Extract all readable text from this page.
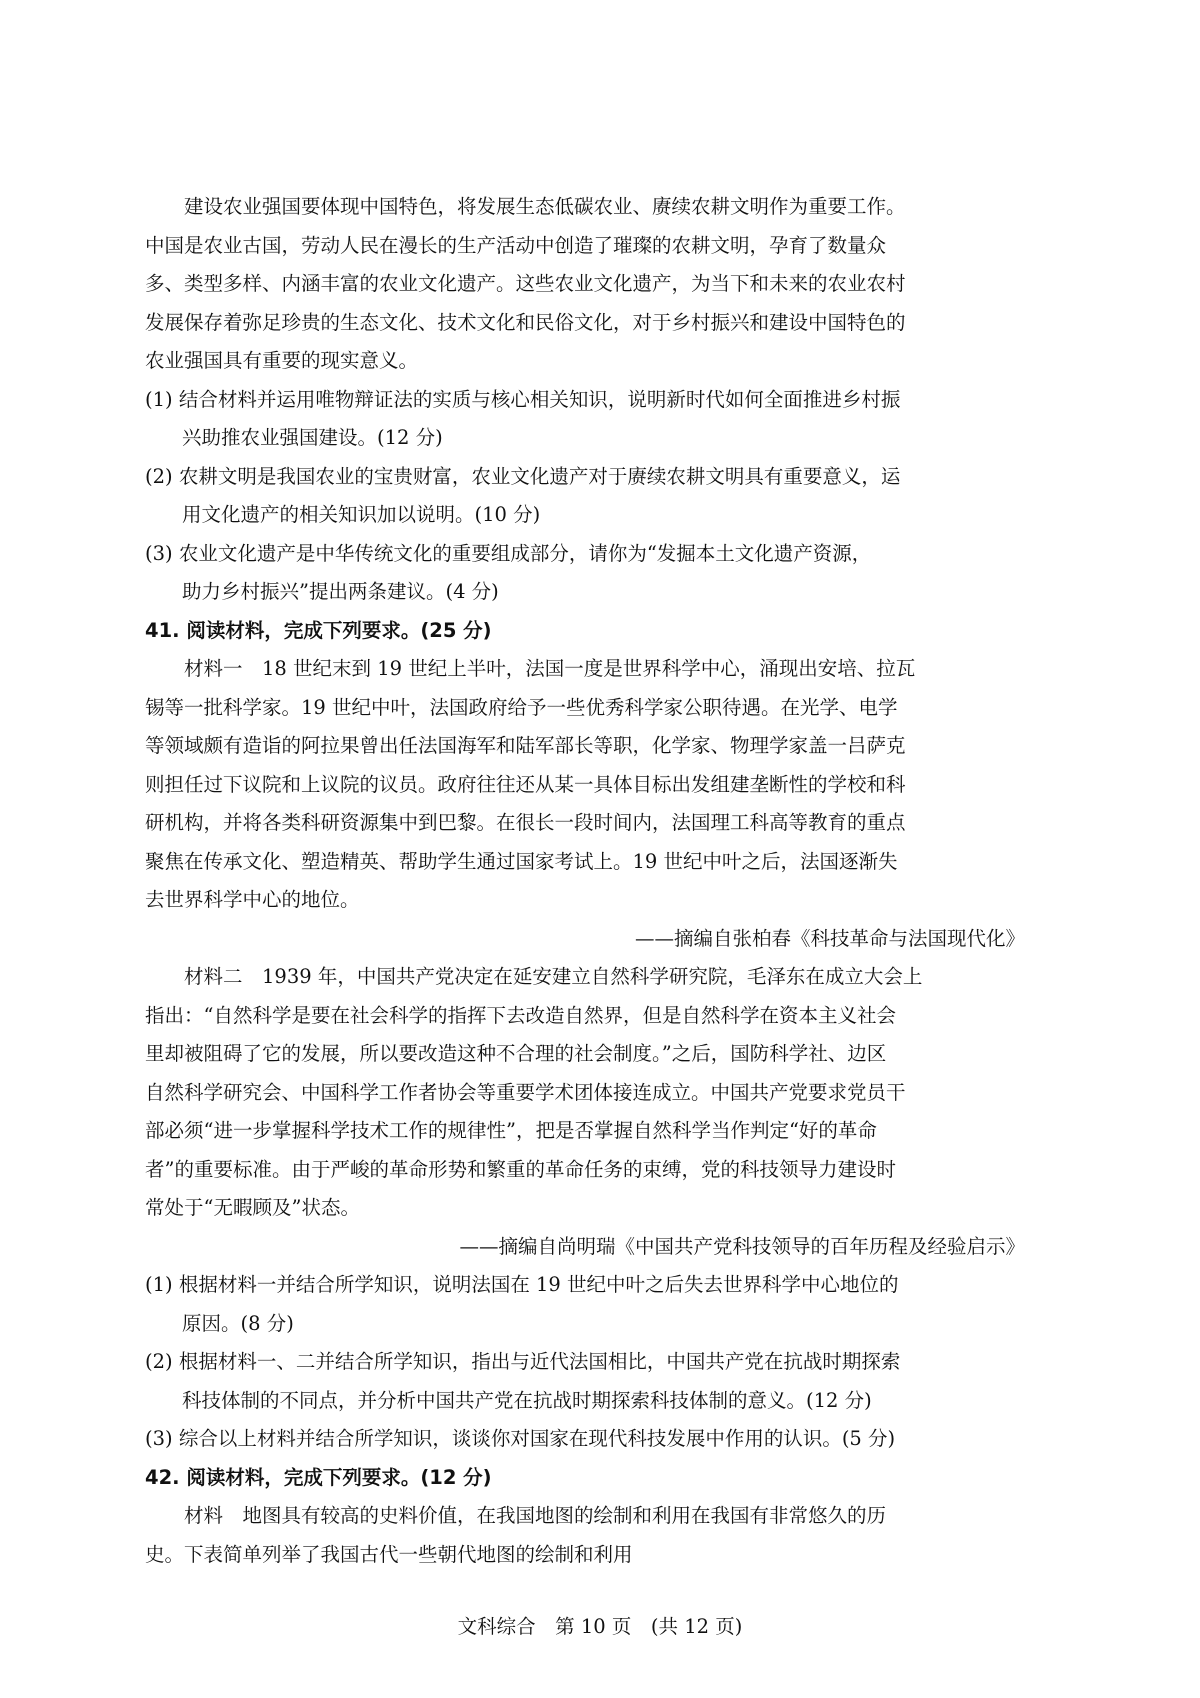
建设农业强国要体现中国特色，将发展生态低碳农业、赓续农耕文明作为重要工作。
中国是农业古国，劳动人民在漫长的生产活动中创造了璀璨的农耕文明，孕育了数量众
多、类型多样、内涵丰富的农业文化遗产。这些农业文化遗产，为当下和未来的农业农村
发展保存着弥足珍贵的生态文化、技术文化和民俗文化，对于乡村振兴和建设中国特色的
农业强国具有重要的现实意义。
(1) 结合材料并运用唯物辩证法的实质与核心相关知识，说明新时代如何全面推进乡村振
兴助推农业强国建设。(12 分)
(2) 农耕文明是我国农业的宝贵财富，农业文化遗产对于赓续农耕文明具有重要意义，运
用文化遗产的相关知识加以说明。(10 分)
(3) 农业文化遗产是中华传统文化的重要组成部分，请你为“发掘本土文化遗产资源，
助力乡村振兴”提出两条建议。(4 分)
41. 阅读材料，完成下列要求。(25 分)
材料一　18 世纪末到 19 世纪上半叶，法国一度是世界科学中心，涌现出安培、拉瓦
锡等一批科学家。19 世纪中叶，法国政府给予一些优秀科学家公职待遇。在光学、电学
等领域颇有造诣的阿拉果曾出任法国海军和陆军部长等职，化学家、物理学家盖一吕萨克
则担任过下议院和上议院的议员。政府往往还从某一具体目标出发组建垄断性的学校和科
研机构，并将各类科研资源集中到巴黎。在很长一段时间内，法国理工科高等教育的重点
聚焦在传承文化、塑造精英、帮助学生通过国家考试上。19 世纪中叶之后，法国逐渐失
去世界科学中心的地位。
——摘编自张柏春《科技革命与法国现代化》
材料二　1939 年，中国共产党决定在延安建立自然科学研究院，毛泽东在成立大会上
指出：“自然科学是要在社会科学的指挥下去改造自然界，但是自然科学在资本主义社会
里却被阻碍了它的发展，所以要改造这种不合理的社会制度。”之后，国防科学社、边区
自然科学研究会、中国科学工作者协会等重要学术团体接连成立。中国共产党要求党员干
部必须“进一步掌握科学技术工作的规律性”，把是否掌握自然科学当作判定“好的革命
者”的重要标准。由于严峻的革命形势和繁重的革命任务的束缚，党的科技领导力建设时
常处于“无暇顾及”状态。
——摘编自尚明瑞《中国共产党科技领导的百年历程及经验启示》
(1) 根据材料一并结合所学知识，说明法国在 19 世纪中叶之后失去世界科学中心地位的
原因。(8 分)
(2) 根据材料一、二并结合所学知识，指出与近代法国相比，中国共产党在抗战时期探索
科技体制的不同点，并分析中国共产党在抗战时期探索科技体制的意义。(12 分)
(3) 综合以上材料并结合所学知识，谈谈你对国家在现代科技发展中作用的认识。(5 分)
42. 阅读材料，完成下列要求。(12 分)
材料　地图具有较高的史料价值，在我国地图的绘制和利用在我国有非常悠久的历
史。下表简单列举了我国古代一些朝代地图的绘制和利用
文科综合　第 10 页　(共 12 页)
